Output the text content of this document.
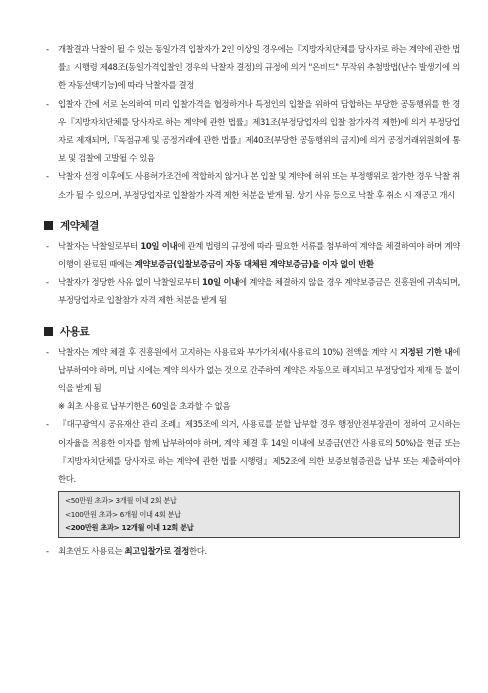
-	개찰결과 낙찰이 될 수 있는 동일가격 입찰자가 2인 이상일 경우에는『지방자치단체를 당사자로 하는 계약에 관한 법률』시행령 제48조(동일가격입찰인 경우의 낙찰자 결정)의 규정에 의거 "온비드" 무작위 추첨방법(난수 발생기에 의한 자동선택기능)에 따라 낙찰자를 결정
-	입찰자 간에 서로 논의하여 미리 입찰가격을 협정하거나 특정인의 입찰을 위하여 담합하는 부당한 공동행위를 한 경우『지방자치단체를 당사자로 하는 계약에 관한 법률』제31조(부정당업자의 입찰 참가자격 제한)에 의거 부정당업자로 제재되며,『독점규제 및 공정거래에 관한 법률』제40조(부당한 공동행위의 금지)에 의거 공정거래위원회에 통보 및 검찰에 고발될 수 있음
-	낙찰자 선정 이후에도 사용허가조건에 적합하지 않거나 본 입찰 및 계약에 허위 또는 부정행위로 참가한 경우 낙찰 취소가 될 수 있으며, 부정당업자로 입찰참가 자격 제한 처분을 받게 됨. 상기 사유 등으로 낙찰 후 취소 시 재공고 개시
계약체결
-	낙찰자는 낙찰일로부터 10일 이내에 관계 법령의 규정에 따라 필요한 서류를 첨부하여 계약을 체결하여야 하며 계약이행이 완료된 때에는 계약보증금(입찰보증금이 자동 대체된 계약보증금)을 이자 없이 반환
-	낙찰자가 정당한 사유 없이 낙찰일로부터 10일 이내에 계약을 체결하지 않을 경우 계약보증금은 진흥원에 귀속되며, 부정당업자로 입찰참가 자격 제한 처분을 받게 됨
사용료
-	낙찰자는 계약 체결 후 진흥원에서 고지하는 사용료와 부가가치세(사용료의 10%) 전액을 계약 시 지정된 기한 내에 납부하여야 하며, 미납 시에는 계약 의사가 없는 것으로 간주하여 계약은 자동으로 해지되고 부정당업자 제재 등 불이익을 받게 됨
※ 최초 사용료 납부기한은 60일을 초과할 수 없음
-	『대구광역시 공유재산 관리 조례』제35조에 의거, 사용료를 분할 납부할 경우 행정안전부장관이 정하여 고시하는 이자율을 적용한 이자를 함께 납부하여야 하며, 계약 체결 후 14일 이내에 보증금(연간 사용료의 50%)을 현금 또는『지방자치단체를 당사자로 하는 계약에 관한 법률 시행령』제52조에 의한 보증보험증권을 납부 또는 제출하여야 한다.
<50만원 초과> 3개월 이내 2회 분납
<100만원 초과> 6개월 이내 4회 분납
<200만원 초과> 12개월 이내 12회 분납
-	최초연도 사용료는 최고입찰가로 결정한다.
